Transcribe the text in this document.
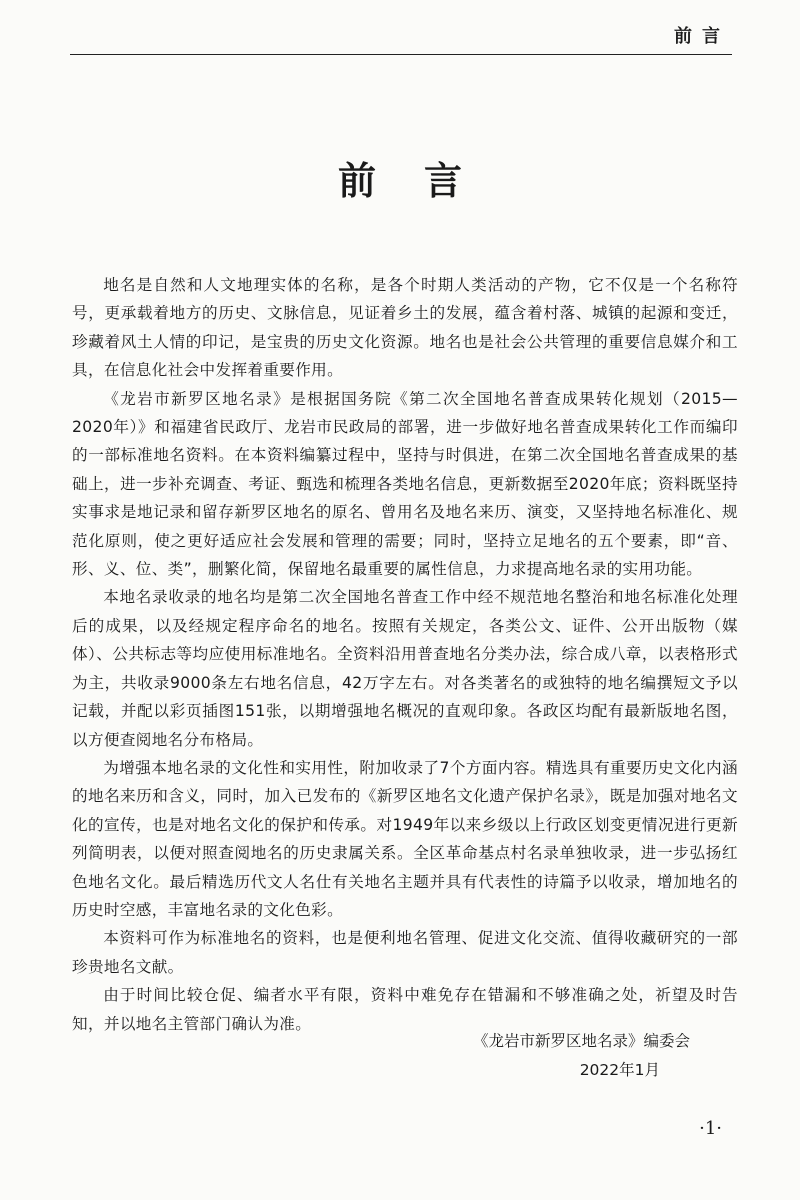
前言
前言

地名是自然和人文地理实体的名称，是各个时期人类活动的产物，它不仅是一个名称符号，更承载着地方的历史、文脉信息，见证着乡土的发展，蕴含着村落、城镇的起源和变迁，珍藏着风土人情的印记，是宝贵的历史文化资源。地名也是社会公共管理的重要信息媒介和工具，在信息化社会中发挥着重要作用。

《龙岩市新罗区地名录》是根据国务院《第二次全国地名普查成果转化规划（2015—2020年）》和福建省民政厅、龙岩市民政局的部署，进一步做好地名普查成果转化工作而编印的一部标准地名资料。在本资料编纂过程中，坚持与时俱进，在第二次全国地名普查成果的基础上，进一步补充调查、考证、甄选和梳理各类地名信息，更新数据至2020年底；资料既坚持实事求是地记录和留存新罗区地名的原名、曾用名及地名来历、演变，又坚持地名标准化、规范化原则，使之更好适应社会发展和管理的需要；同时，坚持立足地名的五个要素，即“音、形、义、位、类”，删繁化简，保留地名最重要的属性信息，力求提高地名录的实用功能。

本地名录收录的地名均是第二次全国地名普查工作中经不规范地名整治和地名标准化处理后的成果，以及经规定程序命名的地名。按照有关规定，各类公文、证件、公开出版物（媒体）、公共标志等均应使用标准地名。全资料沿用普查地名分类办法，综合成八章，以表格形式为主，共收录9000条左右地名信息，42万字左右。对各类著名的或独特的地名编撰短文予以记载，并配以彩页插图151张，以期增强地名概况的直观印象。各政区均配有最新版地名图，以方便查阅地名分布格局。

为增强本地名录的文化性和实用性，附加收录了7个方面内容。精选具有重要历史文化内涵的地名来历和含义，同时，加入已发布的《新罗区地名文化遗产保护名录》，既是加强对地名文化的宣传，也是对地名文化的保护和传承。对1949年以来乡级以上行政区划变更情况进行更新列简明表，以便对照查阅地名的历史隶属关系。全区革命基点村名录单独收录，进一步弘扬红色地名文化。最后精选历代文人名仕有关地名主题并具有代表性的诗篇予以收录，增加地名的历史时空感，丰富地名录的文化色彩。

本资料可作为标准地名的资料，也是便利地名管理、促进文化交流、值得收藏研究的一部珍贵地名文献。

由于时间比较仓促、编者水平有限，资料中难免存在错漏和不够准确之处，祈望及时告知，并以地名主管部门确认为准。

《龙岩市新罗区地名录》编委会
2022年1月
·1·
